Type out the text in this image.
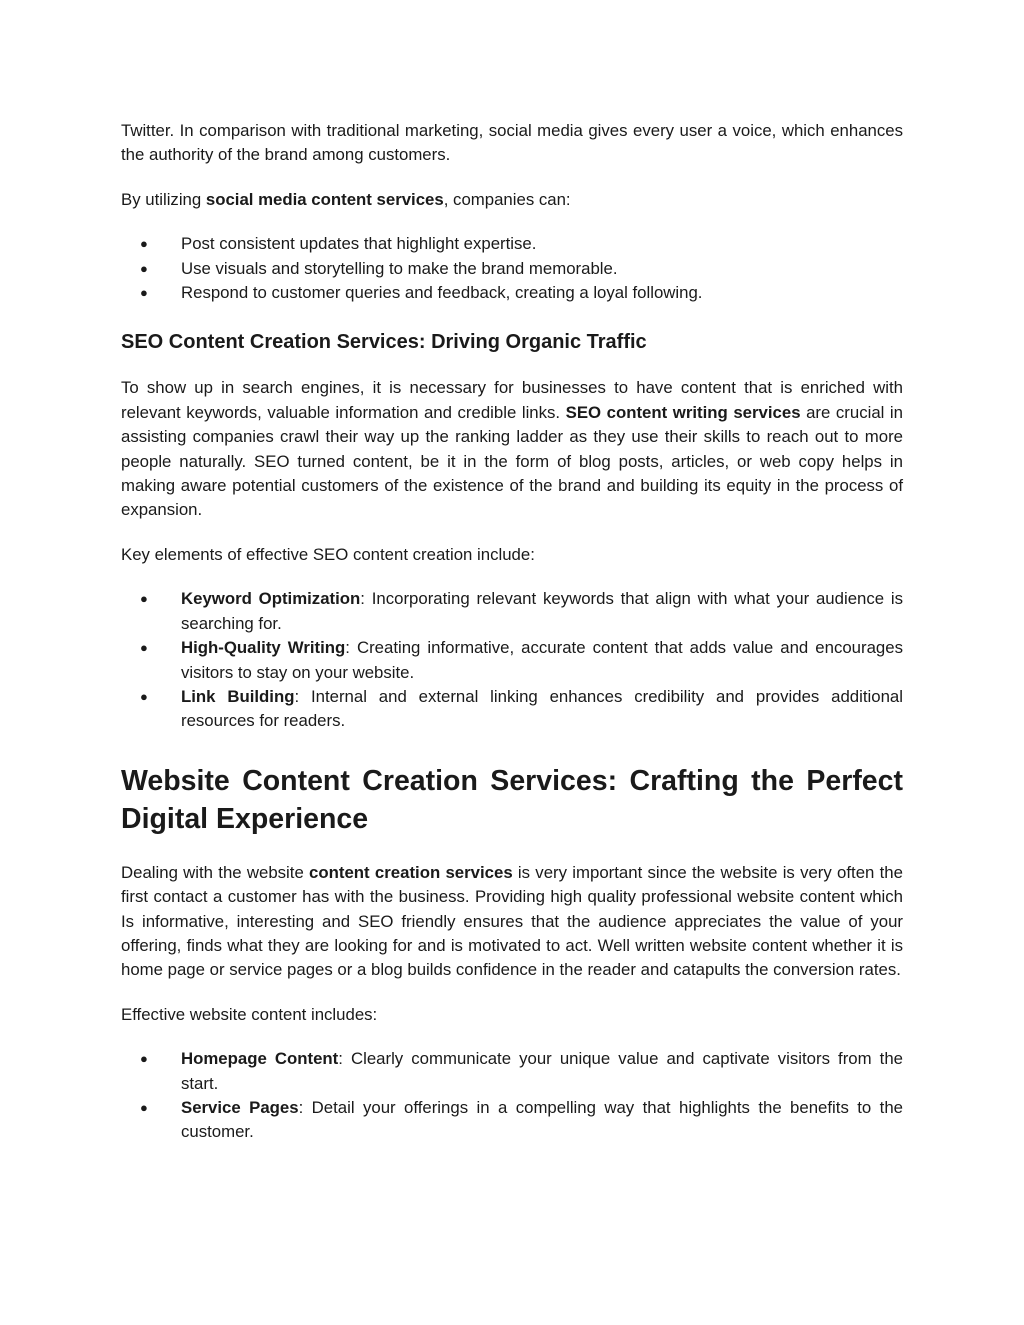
Twitter. In comparison with traditional marketing, social media gives every user a voice, which enhances the authority of the brand among customers.

By utilizing social media content services, companies can:

● Post consistent updates that highlight expertise.
● Use visuals and storytelling to make the brand memorable.
● Respond to customer queries and feedback, creating a loyal following.
SEO Content Creation Services: Driving Organic Traffic

To show up in search engines, it is necessary for businesses to have content that is enriched with relevant keywords, valuable information and credible links. SEO content writing services are crucial in assisting companies crawl their way up the ranking ladder as they use their skills to reach out to more people naturally. SEO turned content, be it in the form of blog posts, articles, or web copy helps in making aware potential customers of the existence of the brand and building its equity in the process of expansion.

Key elements of effective SEO content creation include:

● Keyword Optimization: Incorporating relevant keywords that align with what your audience is searching for.
● High-Quality Writing: Creating informative, accurate content that adds value and encourages visitors to stay on your website.
● Link Building: Internal and external linking enhances credibility and provides additional resources for readers.
Website Content Creation Services: Crafting the Perfect Digital Experience

Dealing with the website content creation services is very important since the website is very often the first contact a customer has with the business. Providing high quality professional website content which Is informative, interesting and SEO friendly ensures that the audience appreciates the value of your offering, finds what they are looking for and is motivated to act. Well written website content whether it is home page or service pages or a blog builds confidence in the reader and catapults the conversion rates.

Effective website content includes:

● Homepage Content: Clearly communicate your unique value and captivate visitors from the start.
● Service Pages: Detail your offerings in a compelling way that highlights the benefits to the customer.
